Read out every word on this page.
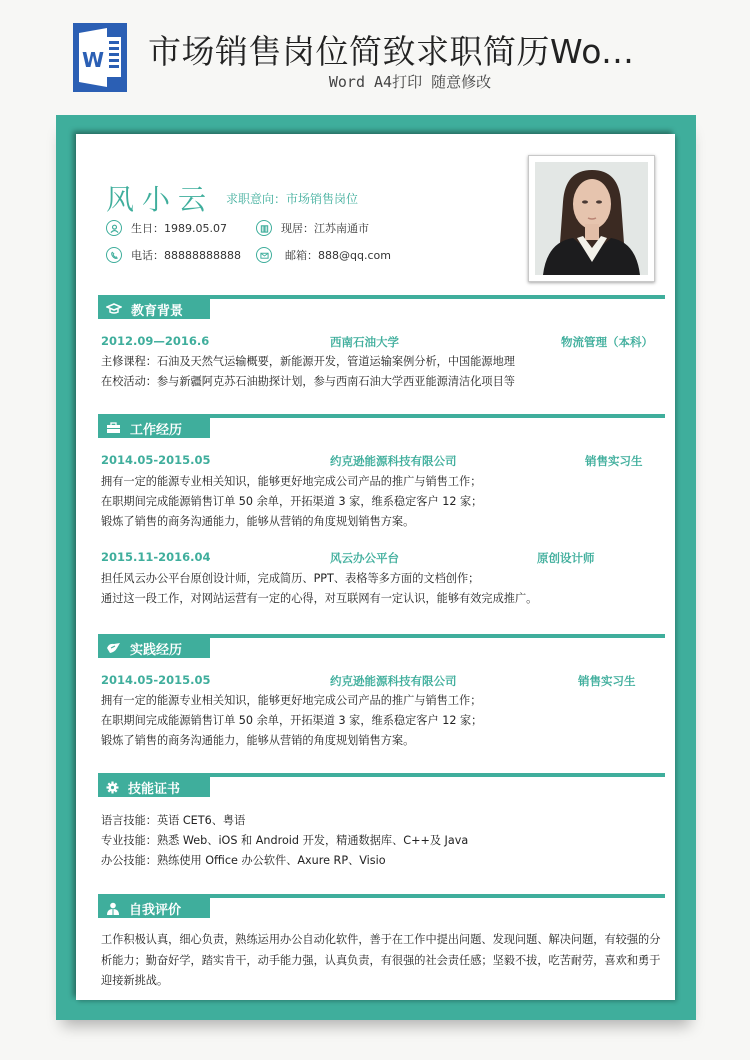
W 市场销售岗位简致求职简历Wo...
Word A4打印 随意修改
风小云 求职意向：市场销售岗位
生日：1989.05.07	现居：江苏南通市
电话：88888888888	邮箱：888@qq.com
教育背景
2012.09—2016.6	西南石油大学	物流管理（本科）
主修课程：石油及天然气运输概要，新能源开发，管道运输案例分析，中国能源地理
在校活动：参与新疆阿克苏石油勘探计划，参与西南石油大学西亚能源清洁化项目等
工作经历
2014.05-2015.05	约克逊能源科技有限公司	销售实习生
拥有一定的能源专业相关知识，能够更好地完成公司产品的推广与销售工作；
在职期间完成能源销售订单 50 余单，开拓渠道 3 家，维系稳定客户 12 家；
锻炼了销售的商务沟通能力，能够从营销的角度规划销售方案。
2015.11-2016.04	风云办公平台	原创设计师
担任风云办公平台原创设计师，完成简历、PPT、表格等多方面的文档创作；
通过这一段工作，对网站运营有一定的心得，对互联网有一定认识，能够有效完成推广。
实践经历
2014.05-2015.05	约克逊能源科技有限公司	销售实习生
拥有一定的能源专业相关知识，能够更好地完成公司产品的推广与销售工作；
在职期间完成能源销售订单 50 余单，开拓渠道 3 家，维系稳定客户 12 家；
锻炼了销售的商务沟通能力，能够从营销的角度规划销售方案。
技能证书
语言技能：英语 CET6、粤语
专业技能：熟悉 Web、iOS 和 Android 开发，精通数据库、C++及 Java
办公技能：熟练使用 Office 办公软件、Axure RP、Visio
自我评价
工作积极认真，细心负责，熟练运用办公自动化软件，善于在工作中提出问题、发现问题、解决问题，有较强的分析能力；勤奋好学，踏实肯干，动手能力强，认真负责，有很强的社会责任感；坚毅不拔，吃苦耐劳，喜欢和勇于迎接新挑战。
